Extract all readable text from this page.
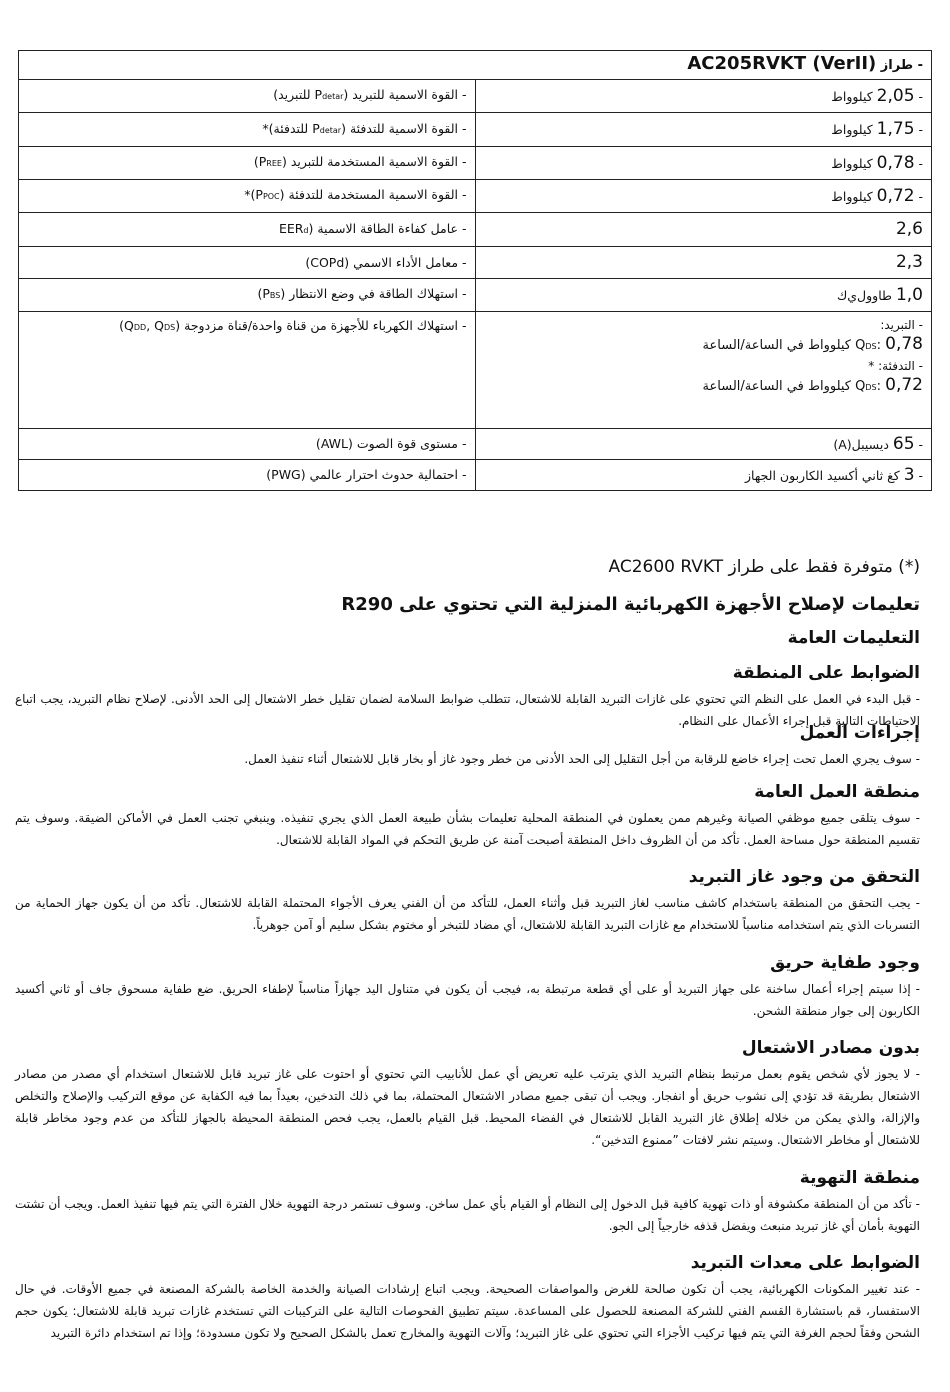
- طراز AC205RVKT (VerII)	
- 2,05 كيلوواط	- القوة الاسمية للتبريد (Pdetar للتبريد)
- 1,75 كيلوواط	- القوة الاسمية للتدفئة (Pdetar للتدفئة)*
- 0,78 كيلوواط	- القوة الاسمية المستخدمة للتبريد (PREE)
- 0,72 كيلوواط	- القوة الاسمية المستخدمة للتدفئة (PPOC)*
2,6	- عامل كفاءة الطاقة الاسمية (EERd
2,3	- معامل الأداء الاسمي (COPd)
1,0 طاوول‌ي‌ك	- استهلاك الطاقة في وضع الانتظار (PBS)

- التبريد:
QDS: 0,78 كيلوواط في الساعة/الساعة
- التدفئة: *
QDS: 0,72 كيلوواط في الساعة/الساعة	- استهلاك الكهرباء للأجهزة من قناة واحدة/قناة مزدوجة (QDD, QDS)
- 65 ديسيبل(A)	- مستوى قوة الصوت (AWL)
- 3 كغ ثاني أكسيد الكاربون الجهاز	- احتمالية حدوث احترار عالمي (PWG)
(*) متوفرة فقط على طراز AC2600 RVKT
تعليمات لإصلاح الأجهزة الكهربائية المنزلية التي تحتوي على R290
التعليمات العامة
الضوابط على المنطقة

- قبل البدء في العمل على النظم التي تحتوي على غازات التبريد القابلة للاشتعال، تتطلب ضوابط السلامة لضمان تقليل خطر الاشتعال إلى الحد الأدنى. لإصلاح نظام التبريد، يجب اتباع الاحتياطات التالية قبل إجراء الأعمال على النظام.

إجراءات العمل

- سوف يجري العمل تحت إجراء خاضع للرقابة من أجل التقليل إلى الحد الأدنى من خطر وجود غاز أو بخار قابل للاشتعال أثناء تنفيذ العمل.

منطقة العمل العامة

- سوف يتلقى جميع موظفي الصيانة وغيرهم ممن يعملون في المنطقة المحلية تعليمات بشأن طبيعة العمل الذي يجري تنفيذه. وينبغي تجنب العمل في الأماكن الضيقة. وسوف يتم تقسيم المنطقة حول مساحة العمل. تأكد من أن الظروف داخل المنطقة أصبحت آمنة عن طريق التحكم في المواد القابلة للاشتعال.

التحقق من وجود غاز التبريد

- يجب التحقق من المنطقة باستخدام كاشف مناسب لغاز التبريد قبل وأثناء العمل، للتأكد من أن الفني يعرف الأجواء المحتملة القابلة للاشتعال. تأكد من أن يكون جهاز الحماية من التسربات الذي يتم استخدامه مناسباً للاستخدام مع غازات التبريد القابلة للاشتعال، أي مضاد للتبخر أو مختوم بشكل سليم أو آمن جوهرياً.

وجود طفاية حريق

- إذا سيتم إجراء أعمال ساخنة على جهاز التبريد أو على أي قطعة مرتبطة به، فيجب أن يكون في متناول اليد جهازاً مناسباً لإطفاء الحريق. ضع طفاية مسحوق جاف أو ثاني أكسيد الكاربون إلى جوار منطقة الشحن.

بدون مصادر الاشتعال

- لا يجوز لأي شخص يقوم بعمل مرتبط بنظام التبريد الذي يترتب عليه تعريض أي عمل للأنابيب التي تحتوي أو احتوت على غاز تبريد قابل للاشتعال استخدام أي مصدر من مصادر الاشتعال بطريقة قد تؤدي إلى نشوب حريق أو انفجار. ويجب أن تبقى جميع مصادر الاشتعال المحتملة، بما في ذلك التدخين، بعيداً بما فيه الكفاية عن موقع التركيب والإصلاح والتخلص والإزالة، والذي يمكن من خلاله إطلاق غاز التبريد القابل للاشتعال في الفضاء المحيط. قبل القيام بالعمل، يجب فحص المنطقة المحيطة بالجهاز للتأكد من عدم وجود مخاطر قابلة للاشتعال أو مخاطر الاشتعال. وسيتم نشر لافتات ”ممنوع التدخين“.

منطقة التهوية

- تأكد من أن المنطقة مكشوفة أو ذات تهوية كافية قبل الدخول إلى النظام أو القيام بأي عمل ساخن. وسوف تستمر درجة التهوية خلال الفترة التي يتم فيها تنفيذ العمل. ويجب أن تشتت التهوية بأمان أي غاز تبريد منبعث ويفضل قذفه خارجياً إلى الجو.

الضوابط على معدات التبريد

- عند تغيير المكونات الكهربائية، يجب أن تكون صالحة للغرض والمواصفات الصحيحة. ويجب اتباع إرشادات الصيانة والخدمة الخاصة بالشركة المصنعة في جميع الأوقات. في حال الاستفسار، قم باستشارة القسم الفني للشركة المصنعة للحصول على المساعدة. سيتم تطبيق الفحوصات التالية على التركيبات التي تستخدم غازات تبريد قابلة للاشتعال: يكون حجم الشحن وفقاً لحجم الغرفة التي يتم فيها تركيب الأجزاء التي تحتوي على غاز التبريد؛ وآلات التهوية والمخارج تعمل بالشكل الصحيح ولا تكون مسدودة؛ وإذا تم استخدام دائرة التبريد
